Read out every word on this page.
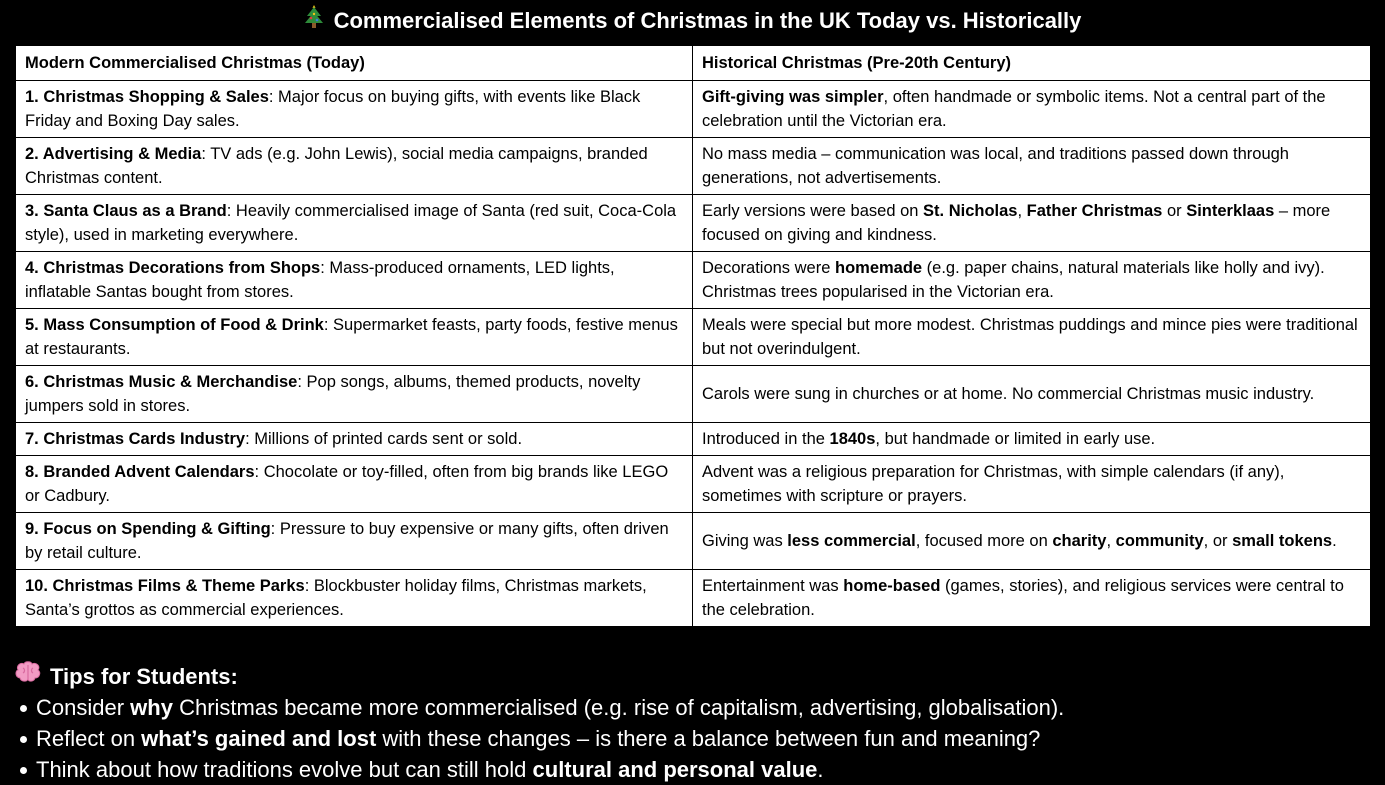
Commercialised Elements of Christmas in the UK Today vs. Historically
Modern Commercialised Christmas (Today)	Historical Christmas (Pre-20th Century)
1. Christmas Shopping & Sales: Major focus on buying gifts, with events like Black Friday and Boxing Day sales.	Gift-giving was simpler, often handmade or symbolic items. Not a central part of the celebration until the Victorian era.
2. Advertising & Media: TV ads (e.g. John Lewis), social media campaigns, branded Christmas content.	No mass media – communication was local, and traditions passed down through generations, not advertisements.
3. Santa Claus as a Brand: Heavily commercialised image of Santa (red suit, Coca-Cola style), used in marketing everywhere.	Early versions were based on St. Nicholas, Father Christmas or Sinterklaas – more focused on giving and kindness.
4. Christmas Decorations from Shops: Mass-produced ornaments, LED lights, inflatable Santas bought from stores.	Decorations were homemade (e.g. paper chains, natural materials like holly and ivy). Christmas trees popularised in the Victorian era.
5. Mass Consumption of Food & Drink: Supermarket feasts, party foods, festive menus at restaurants.	Meals were special but more modest. Christmas puddings and mince pies were traditional but not overindulgent.
6. Christmas Music & Merchandise: Pop songs, albums, themed products, novelty jumpers sold in stores.	Carols were sung in churches or at home. No commercial Christmas music industry.
7. Christmas Cards Industry: Millions of printed cards sent or sold.	Introduced in the 1840s, but handmade or limited in early use.
8. Branded Advent Calendars: Chocolate or toy-filled, often from big brands like LEGO or Cadbury.	Advent was a religious preparation for Christmas, with simple calendars (if any), sometimes with scripture or prayers.
9. Focus on Spending & Gifting: Pressure to buy expensive or many gifts, often driven by retail culture.	Giving was less commercial, focused more on charity, community, or small tokens.
10. Christmas Films & Theme Parks: Blockbuster holiday films, Christmas markets, Santa’s grottos as commercial experiences.	Entertainment was home-based (games, stories), and religious services were central to the celebration.
Tips for Students:
Consider why Christmas became more commercialised (e.g. rise of capitalism, advertising, globalisation).
Reflect on what’s gained and lost with these changes – is there a balance between fun and meaning?
Think about how traditions evolve but can still hold cultural and personal value.
